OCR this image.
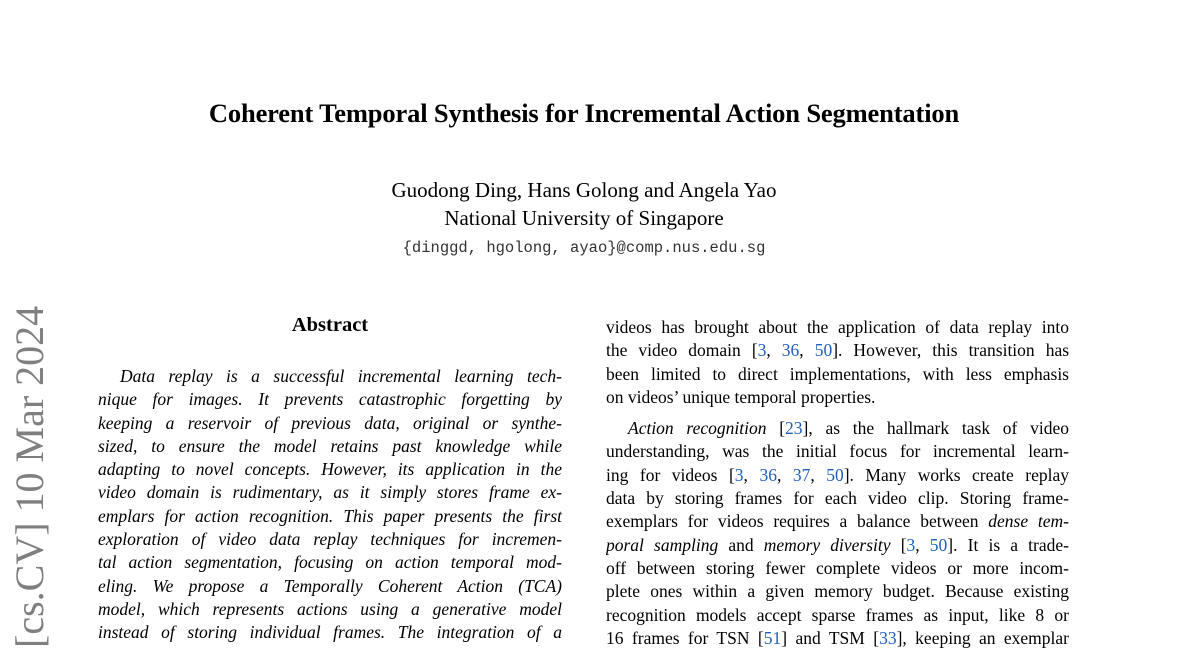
Coherent Temporal Synthesis for Incremental Action Segmentation
Guodong Ding, Hans Golong and Angela Yao
National University of Singapore
{dinggd, hgolong, ayao}@comp.nus.edu.sg
[cs.CV] 10 Mar 2024	Abstract
Data replay is a successful incremental learning tech-
nique for images. It prevents catastrophic forgetting by
keeping a reservoir of previous data, original or synthe-
sized, to ensure the model retains past knowledge while
adapting to novel concepts. However, its application in the
video domain is rudimentary, as it simply stores frame ex-
emplars for action recognition. This paper presents the first
exploration of video data replay techniques for incremen-
tal action segmentation, focusing on action temporal mod-
eling. We propose a Temporally Coherent Action (TCA)
model, which represents actions using a generative model
instead of storing individual frames. The integration of a
videos has brought about the application of data replay into
the video domain [3, 36, 50]. However, this transition has
been limited to direct implementations, with less emphasis
on videos’ unique temporal properties.
Action recognition [23], as the hallmark task of video
understanding, was the initial focus for incremental learn-
ing for videos [3, 36, 37, 50]. Many works create replay
data by storing frames for each video clip. Storing frame-
exemplars for videos requires a balance between dense tem-
poral sampling and memory diversity [3, 50]. It is a trade-
off between storing fewer complete videos or more incom-
plete ones within a given memory budget. Because existing
recognition models accept sparse frames as input, like 8 or
16 frames for TSN [51] and TSM [33], keeping an exemplar
